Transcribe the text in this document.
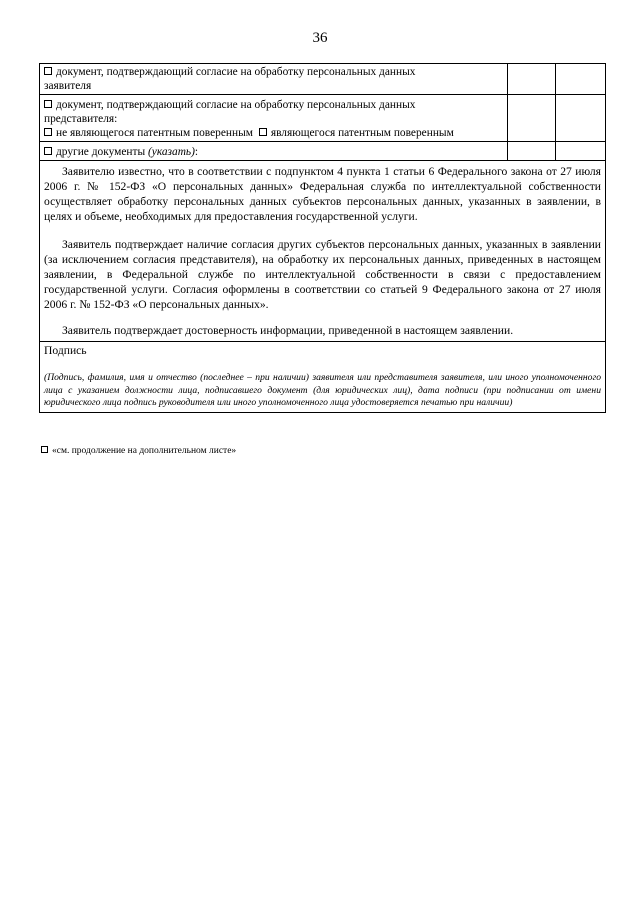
36
документ, подтверждающий согласие на обработку персональных данных
заявителя		

документ, подтверждающий согласие на обработку персональных данных
представителя:
не являющегося патентным поверенным являющегося патентным поверенным		

другие документы (указать):		

Заявителю известно, что в соответствии с подпунктом 4 пункта 1 статьи 6 Федерального закона от 27 июля 2006 г. № 152-ФЗ «О персональных данных» Федеральная служба по интеллектуальной собственности осуществляет обработку персональных данных субъектов персональных данных, указанных в заявлении, в целях и объеме, необходимых для предоставления государственной услуги.

Заявитель подтверждает наличие согласия других субъектов персональных данных, указанных в заявлении (за исключением согласия представителя), на обработку их персональных данных, приведенных в настоящем заявлении, в Федеральной службе по интеллектуальной собственности в связи с предоставлением государственной услуги. Согласия оформлены в соответствии со статьей 9 Федерального закона от 27 июля 2006 г. № 152-ФЗ «О персональных данных».

Заявитель подтверждает достоверность информации, приведенной в настоящем заявлении.		

Подпись
(Подпись, фамилия, имя и отчество (последнее – при наличии) заявителя или представителя заявителя, или иного уполномоченного лица с указанием должности лица, подписавшего документ (для юридических лиц), дата подписи (при подписании от имени юридического лица подпись руководителя или иного уполномоченного лица удостоверяется печатью при наличии)		
«см. продолжение на дополнительном листе»
